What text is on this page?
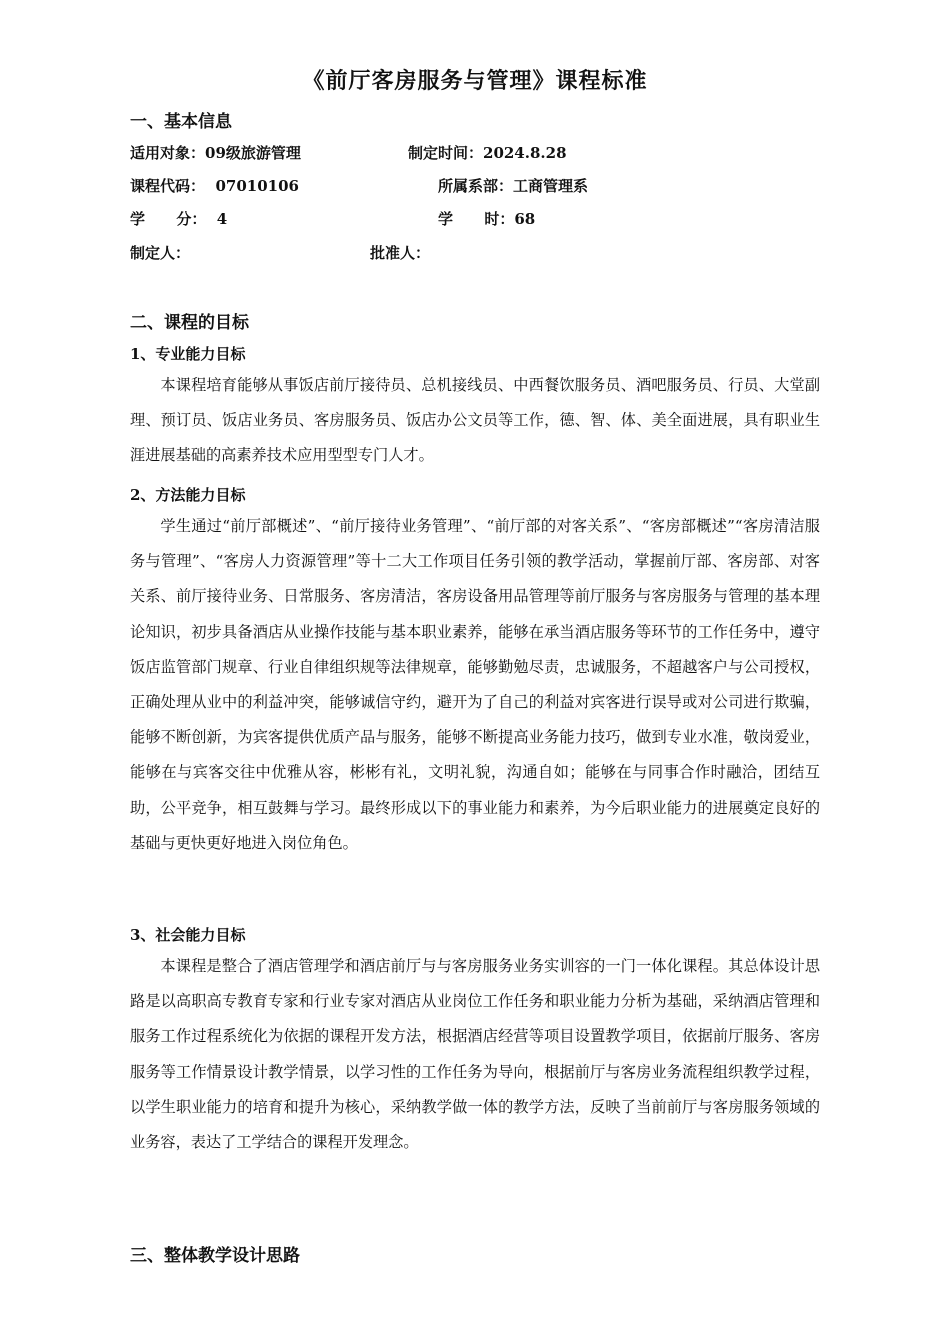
《前厅客房服务与管理》课程标准
一、基本信息
适用对象：09级旅游管理	制定时间：2024.8.28
课程代码：  07010106	所属系部：工商管理系
学      分：  4	学      时：68
制定人：	批准人：
二、课程的目标
1、专业能力目标

本课程培育能够从事饭店前厅接待员、总机接线员、中西餐饮服务员、酒吧服务员、行员、大堂副理、预订员、饭店业务员、客房服务员、饭店办公文员等工作，德、智、体、美全面进展，具有职业生涯进展基础的高素养技术应用型型专门人才。

2、方法能力目标

学生通过“前厅部概述”、“前厅接待业务管理”、“前厅部的对客关系”、“客房部概述”“客房清洁服务与管理”、“客房人力资源管理”等十二大工作项目任务引领的教学活动，掌握前厅部、客房部、对客关系、前厅接待业务、日常服务、客房清洁，客房设备用品管理等前厅服务与客房服务与管理的基本理论知识，初步具备酒店从业操作技能与基本职业素养，能够在承当酒店服务等环节的工作任务中，遵守饭店监管部门规章、行业自律组织规等法律规章，能够勤勉尽责，忠诚服务，不超越客户与公司授权，正确处理从业中的利益冲突，能够诚信守约，避开为了自己的利益对宾客进行误导或对公司进行欺骗，能够不断创新，为宾客提供优质产品与服务，能够不断提高业务能力技巧，做到专业水准，敬岗爱业，能够在与宾客交往中优雅从容，彬彬有礼，文明礼貌，沟通自如；能够在与同事合作时融洽，团结互助，公平竞争，相互鼓舞与学习。最终形成以下的事业能力和素养，为今后职业能力的进展奠定良好的基础与更快更好地进入岗位角色。

3、社会能力目标

本课程是整合了酒店管理学和酒店前厅与与客房服务业务实训容的一门一体化课程。其总体设计思路是以高职高专教育专家和行业专家对酒店从业岗位工作任务和职业能力分析为基础，采纳酒店管理和服务工作过程系统化为依据的课程开发方法，根据酒店经营等项目设置教学项目，依据前厅服务、客房服务等工作情景设计教学情景，以学习性的工作任务为导向，根据前厅与客房业务流程组织教学过程，以学生职业能力的培育和提升为核心，采纳教学做一体的教学方法，反映了当前前厅与客房服务领域的业务容，表达了工学结合的课程开发理念。

三、整体教学设计思路
